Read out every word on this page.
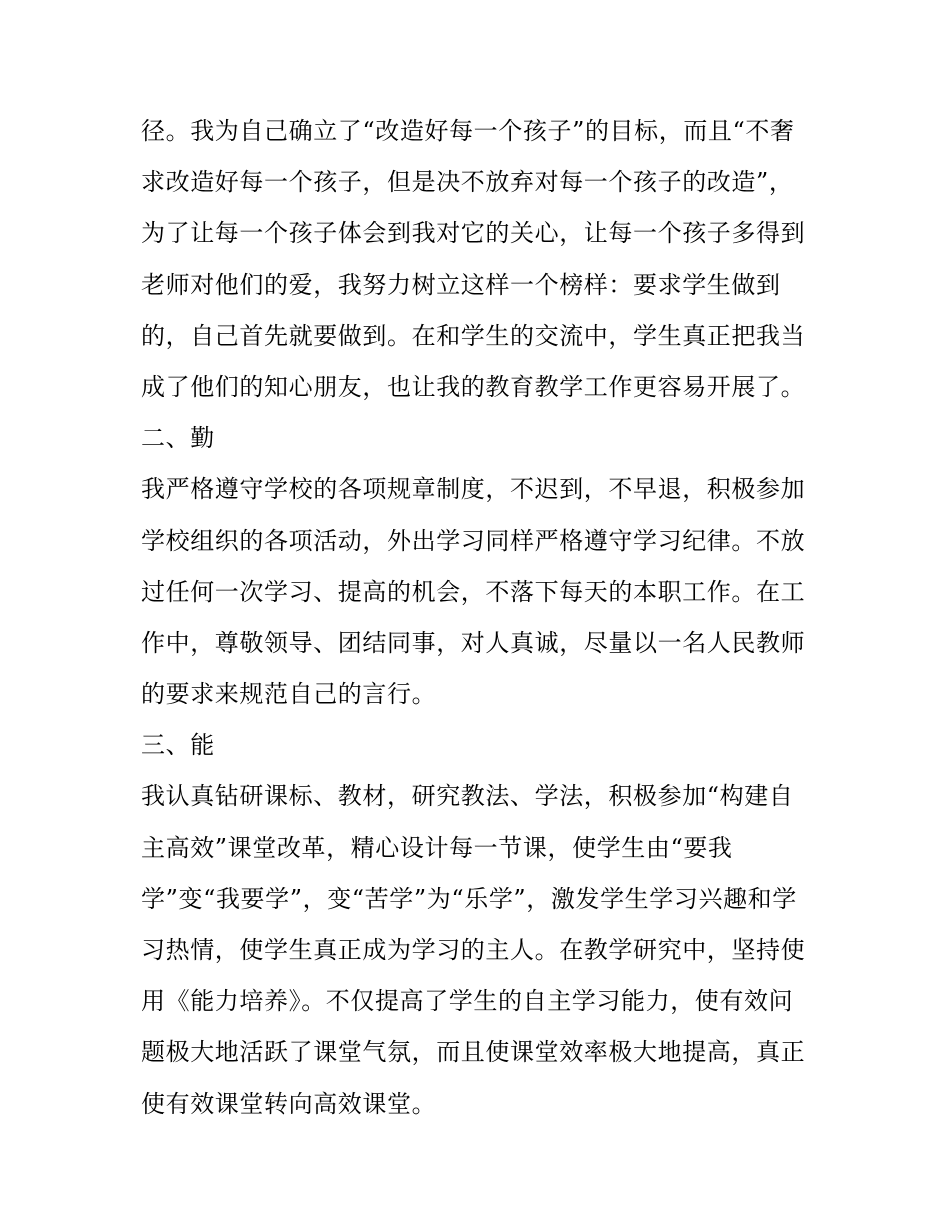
径。我为自己确立了“改造好每一个孩子”的目标，而且“不奢
求改造好每一个孩子，但是决不放弃对每一个孩子的改造”，
为了让每一个孩子体会到我对它的关心，让每一个孩子多得到
老师对他们的爱，我努力树立这样一个榜样：要求学生做到
的，自己首先就要做到。在和学生的交流中，学生真正把我当
成了他们的知心朋友，也让我的教育教学工作更容易开展了。
二、勤
我严格遵守学校的各项规章制度，不迟到，不早退，积极参加
学校组织的各项活动，外出学习同样严格遵守学习纪律。不放
过任何一次学习、提高的机会，不落下每天的本职工作。在工
作中，尊敬领导、团结同事，对人真诚，尽量以一名人民教师
的要求来规范自己的言行。
三、能
我认真钻研课标、教材，研究教法、学法，积极参加“构建自
主高效”课堂改革，精心设计每一节课，使学生由“要我
学”变“我要学”，变“苦学”为“乐学”，激发学生学习兴趣和学
习热情，使学生真正成为学习的主人。在教学研究中，坚持使
用《能力培养》。不仅提高了学生的自主学习能力，使有效问
题极大地活跃了课堂气氛，而且使课堂效率极大地提高，真正
使有效课堂转向高效课堂。
